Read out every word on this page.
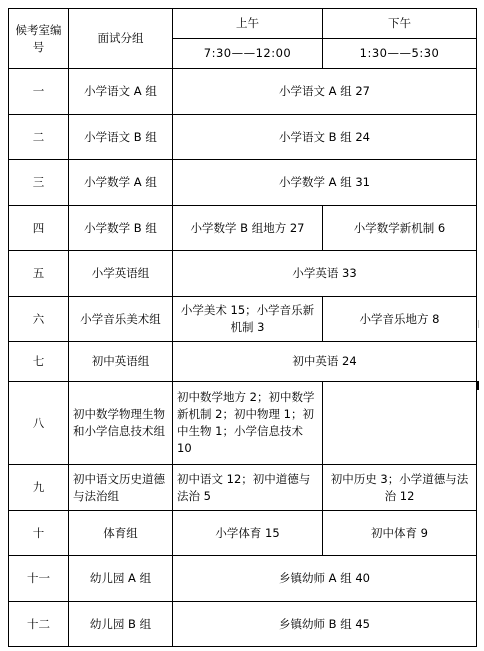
候考室编号	面试分组	上午	下午
		7:30——12:00	1:30——5:30
一	小学语文 A 组	小学语文 A 组 27	
二	小学语文 B 组	小学语文 B 组 24	
三	小学数学 A 组	小学数学 A 组 31	
四	小学数学 B 组	小学数学 B 组地方 27	小学数学新机制 6
五	小学英语组	小学英语 33	
六	小学音乐美术组	小学美术 15；小学音乐新机制 3	小学音乐地方 8
七	初中英语组	初中英语 24	
八	初中数学物理生物和小学信息技术组	初中数学地方 2；初中数学新机制 2；初中物理 1；初中生物 1；小学信息技术 10	
九	初中语文历史道德与法治组	初中语文 12；初中道德与法治 5	初中历史 3；小学道德与法治 12
十	体育组	小学体育 15	初中体育 9
十一	幼儿园 A 组	乡镇幼师 A 组 40	
十二	幼儿园 B 组	乡镇幼师 B 组 45	
